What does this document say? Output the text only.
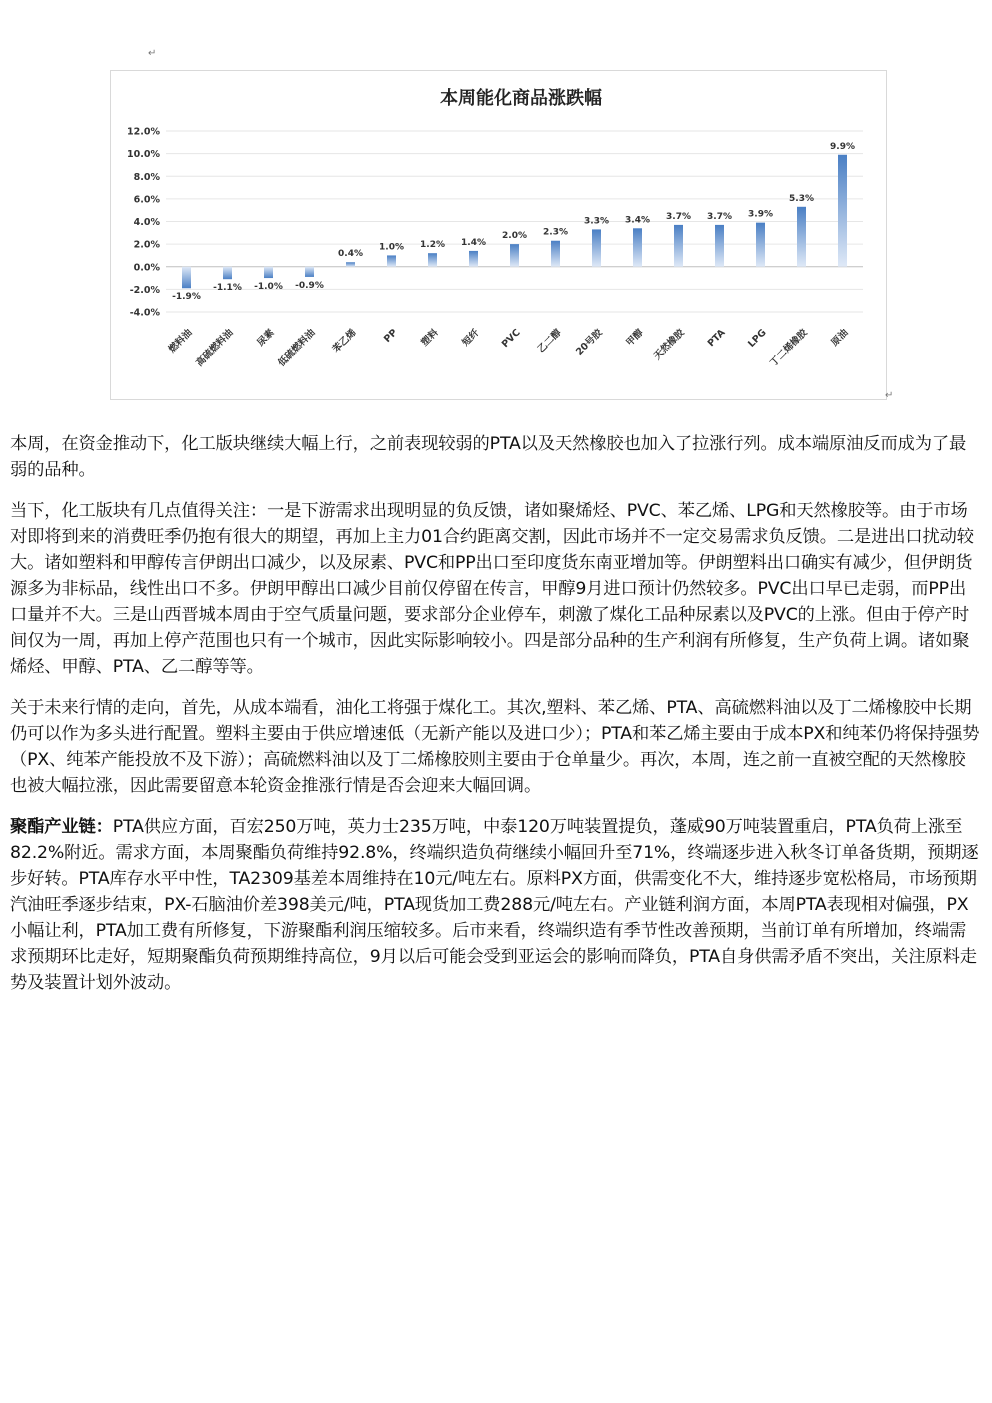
↵
本周能化商品涨跌幅
12.0%
10.0%
8.0%
6.0%
4.0%
2.0%
0.0%
-2.0%
-4.0%
-1.9%
-1.1% -1.0% -0.9%
0.4%
1.0% 1.2% 1.4%
2.0% 2.3%
3.3% 3.4% 3.7% 3.7% 3.9%
5.3%
9.9%
燃料油 高硫燃料油 尿素 低硫燃料油 苯乙烯 PP 塑料 短纤 PVC 乙二醇 20号胶 甲醇 天然橡胶 PTA LPG 丁二烯橡胶 原油
↵

本周，在资金推动下，化工版块继续大幅上行，之前表现较弱的PTA以及天然橡胶也加入了拉涨行列。成本端原油反而成为了最弱的品种。

当下，化工版块有几点值得关注：一是下游需求出现明显的负反馈，诸如聚烯烃、PVC、苯乙烯、LPG和天然橡胶等。由于市场对即将到来的消费旺季仍抱有很大的期望，再加上主力01合约距离交割，因此市场并不一定交易需求负反馈。二是进出口扰动较大。诸如塑料和甲醇传言伊朗出口减少，以及尿素、PVC和PP出口至印度货东南亚增加等。伊朗塑料出口确实有减少，但伊朗货源多为非标品，线性出口不多。伊朗甲醇出口减少目前仅停留在传言，甲醇9月进口预计仍然较多。PVC出口早已走弱，而PP出口量并不大。三是山西晋城本周由于空气质量问题，要求部分企业停车，刺激了煤化工品种尿素以及PVC的上涨。但由于停产时间仅为一周，再加上停产范围也只有一个城市，因此实际影响较小。四是部分品种的生产利润有所修复，生产负荷上调。诸如聚烯烃、甲醇、PTA、乙二醇等等。

关于未来行情的走向，首先，从成本端看，油化工将强于煤化工。其次,塑料、苯乙烯、PTA、高硫燃料油以及丁二烯橡胶中长期仍可以作为多头进行配置。塑料主要由于供应增速低（无新产能以及进口少）；PTA和苯乙烯主要由于成本PX和纯苯仍将保持强势（PX、纯苯产能投放不及下游）；高硫燃料油以及丁二烯橡胶则主要由于仓单量少。再次，本周，连之前一直被空配的天然橡胶也被大幅拉涨，因此需要留意本轮资金推涨行情是否会迎来大幅回调。

聚酯产业链：PTA供应方面，百宏250万吨，英力士235万吨，中泰120万吨装置提负，蓬威90万吨装置重启，PTA负荷上涨至82.2%附近。需求方面，本周聚酯负荷维持92.8%，终端织造负荷继续小幅回升至71%，终端逐步进入秋冬订单备货期，预期逐步好转。PTA库存水平中性，TA2309基差本周维持在10元/吨左右。原料PX方面，供需变化不大，维持逐步宽松格局，市场预期汽油旺季逐步结束，PX-石脑油价差398美元/吨，PTA现货加工费288元/吨左右。产业链利润方面，本周PTA表现相对偏强，PX小幅让利，PTA加工费有所修复，下游聚酯利润压缩较多。后市来看，终端织造有季节性改善预期，当前订单有所增加，终端需求预期环比走好，短期聚酯负荷预期维持高位，9月以后可能会受到亚运会的影响而降负，PTA自身供需矛盾不突出，关注原料走势及装置计划外波动。
